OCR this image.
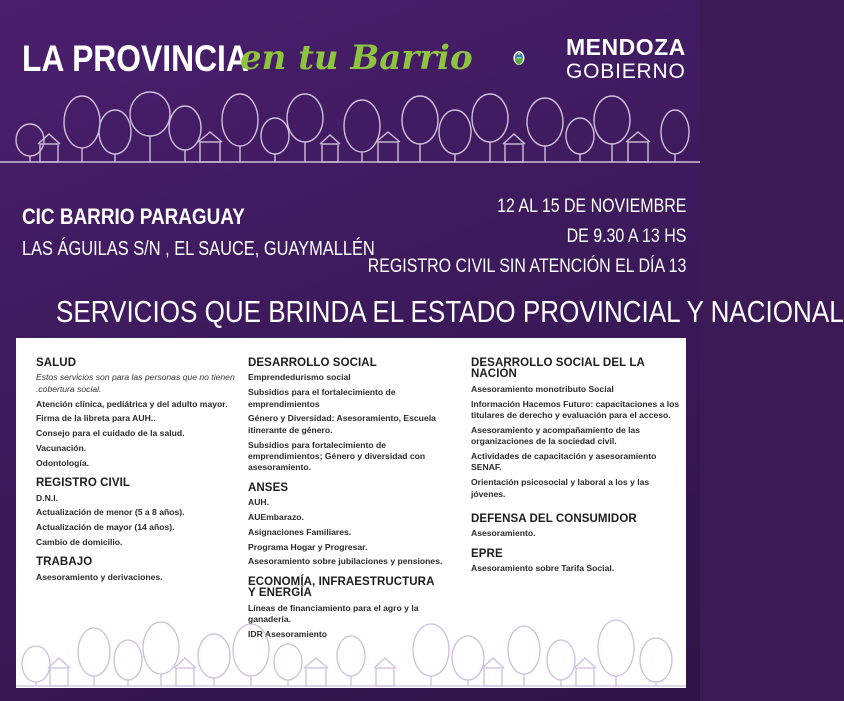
LA PROVINCIA
en tu Barrio	MENDOZA
GOBIERNO
CIC BARRIO PARAGUAY
LAS ÁGUILAS S/N , EL SAUCE, GUAYMALLÉN
12 AL 15 DE NOVIEMBRE
DE 9.30 A 13 HS
REGISTRO CIVIL SIN ATENCIÓN EL DÍA 13
SERVICIOS QUE BRINDA EL ESTADO PROVINCIAL Y NACIONAL
SALUD
Estos servicios son para las personas que no tienen .cobertura social.
Atención clínica, pediátrica y del adulto mayor.
Firma de la libreta para AUH..
Consejo para el cuidado de la salud.
Vacunación.
Odontología.
REGISTRO CIVIL
D.N.I.
Actualización de menor (5 a 8 años).
Actualización de mayor (14 años).
Cambio de domicilio.
TRABAJO
Asesoramiento y derivaciones.
DESARROLLO SOCIAL
Emprendedurismo social
Subsidios para el fortalecimiento de emprendimientos
Género y Diversidad: Asesoramiento, Escuela itinerante de género.
Subsidios para fortalecimiento de emprendimientos; Género y diversidad con asesoramiento.
ANSES
AUH.
AUEmbarazo.
Asignaciones Familiares.
Programa Hogar y Progresar.
Asesoramiento sobre jubilaciones y pensiones.
ECONOMÍA, INFRAESTRUCTURA Y ENERGÍA
Líneas de financiamiento para el agro y la ganadería.
IDR Asesoramiento
DESARROLLO SOCIAL DEL LA NACIÓN
Asesoramiento monotributo Social
Información Hacemos Futuro: capacitaciones a los titulares de derecho y evaluación para el acceso.
Asesoramiento y acompañamiento de las organizaciones de la sociedad civil.
Actividades de capacitación y asesoramiento SENAF.
Orientación psicosocial y laboral a los y las jóvenes.
DEFENSA DEL CONSUMIDOR
Asesoramiento.
EPRE
Asesoramiento sobre Tarifa Social.
